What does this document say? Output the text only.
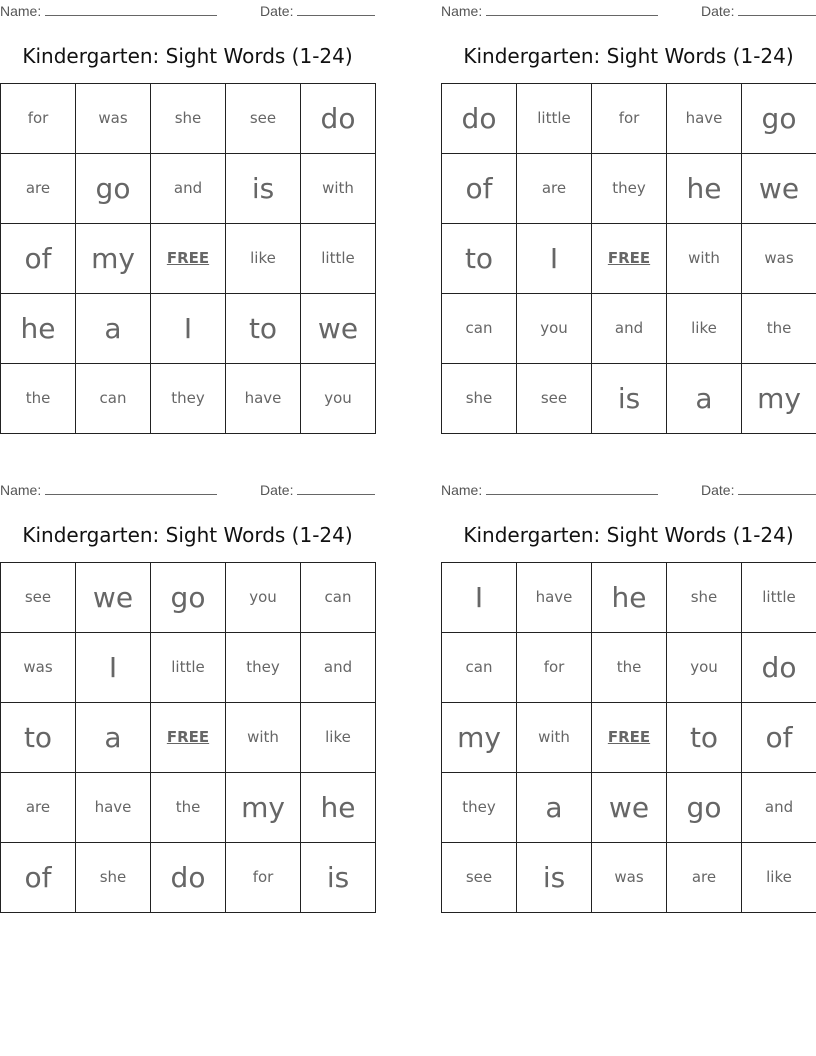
Name:	Date:
Kindergarten: Sight Words (1-24)
for	was	she	see	do
are	go	and	is	with
of	my	FREE	like	little
he	a	I	to	we
the	can	they	have	you
Name:	Date:
Kindergarten: Sight Words (1-24)
do	little	for	have	go
of	are	they	he	we
to	I	FREE	with	was
can	you	and	like	the
she	see	is	a	my
Name:	Date:
Kindergarten: Sight Words (1-24)
see	we	go	you	can
was	I	little	they	and
to	a	FREE	with	like
are	have	the	my	he
of	she	do	for	is
Name:	Date:
Kindergarten: Sight Words (1-24)
I	have	he	she	little
can	for	the	you	do
my	with	FREE	to	of
they	a	we	go	and
see	is	was	are	like
